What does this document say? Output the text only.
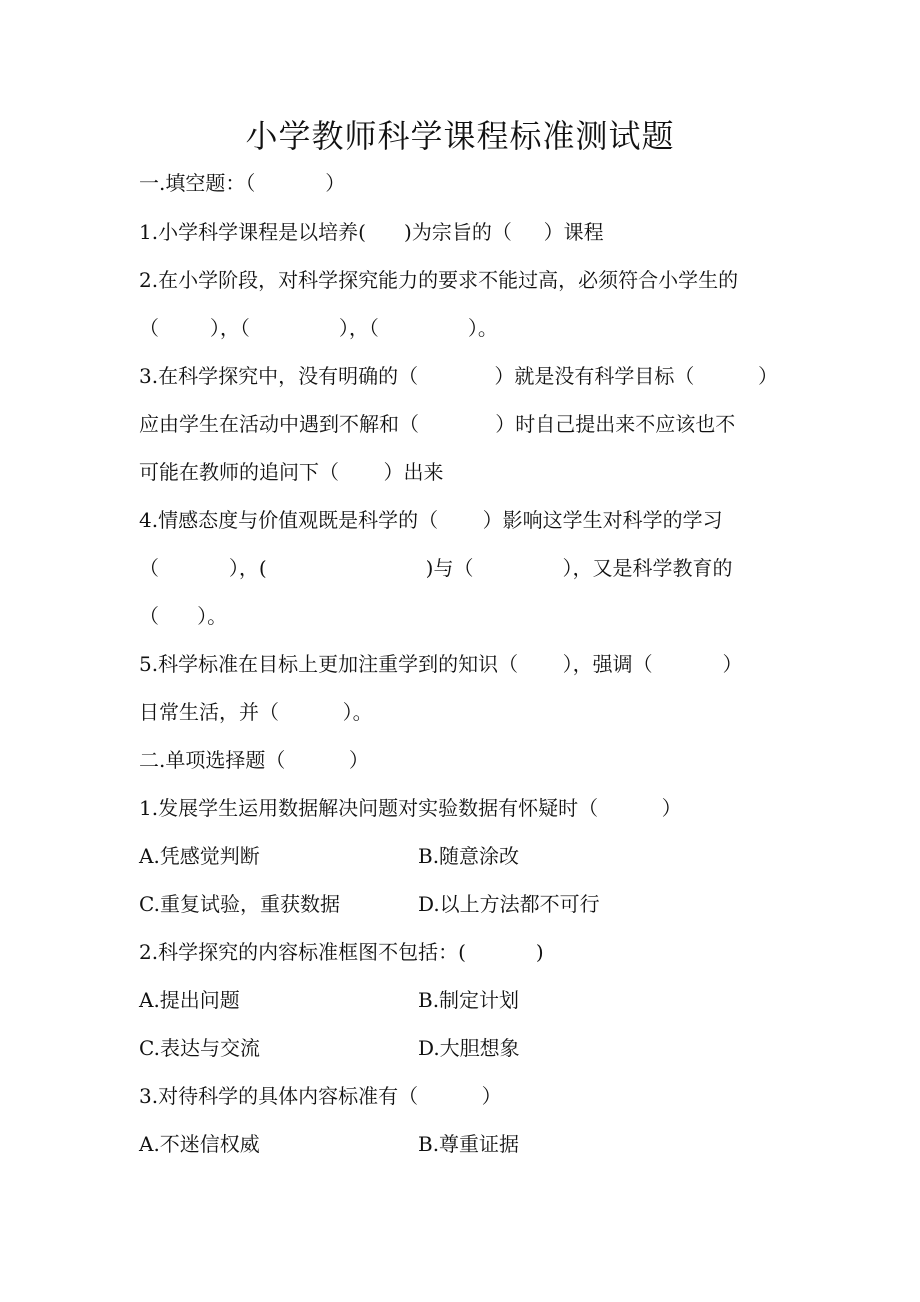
小学教师科学课程标准测试题
一.填空题：（           ）
1.小学科学课程是以培养(      )为宗旨的（     ）课程
2.在小学阶段，对科学探究能力的要求不能过高，必须符合小学生的
（        ），（              ），（              ）。
3.在科学探究中，没有明确的（            ）就是没有科学目标（          ）
应由学生在活动中遇到不解和（            ）时自己提出来不应该也不
可能在教师的追问下（       ）出来
4.情感态度与价值观既是科学的（       ）影响这学生对科学的学习
（           ），(                         )与（              ），又是科学教育的
（      ）。
5.科学标准在目标上更加注重学到的知识（       ），强调（           ）
日常生活，并（          ）。
二.单项选择题（          ）
1.发展学生运用数据解决问题对实验数据有怀疑时（          ）
A.凭感觉判断	B.随意涂改
C.重复试验，重获数据	D.以上方法都不可行
2.科学探究的内容标准框图不包括：(           )
A.提出问题	B.制定计划
C.表达与交流	D.大胆想象
3.对待科学的具体内容标准有（          ）
A.不迷信权威	B.尊重证据
